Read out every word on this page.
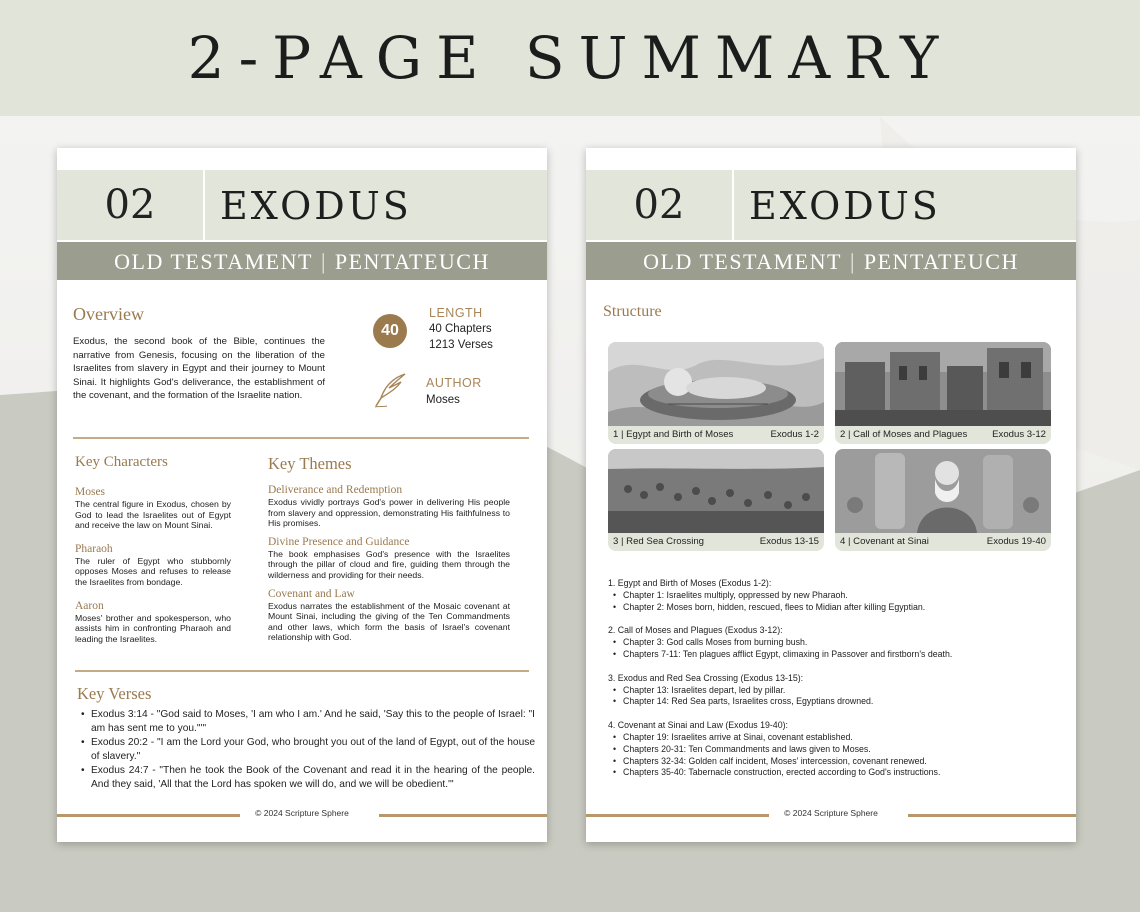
2-PAGE SUMMARY
02	EXODUS
OLD TESTAMENT | PENTATEUCH
Overview
Exodus, the second book of the Bible, continues the narrative from Genesis, focusing on the liberation of the Israelites from slavery in Egypt and their journey to Mount Sinai. It highlights God's deliverance, the establishment of the covenant, and the formation of the Israelite nation.
40
LENGTH
40 Chapters
1213 Verses
AUTHOR
Moses
Key Characters
Moses
The central figure in Exodus, chosen by God to lead the Israelites out of Egypt and receive the law on Mount Sinai.
Pharaoh
The ruler of Egypt who stubbornly opposes Moses and refuses to release the Israelites from bondage.
Aaron
Moses' brother and spokesperson, who assists him in confronting Pharaoh and leading the Israelites.
Key Themes
Deliverance and Redemption
Exodus vividly portrays God's power in delivering His people from slavery and oppression, demonstrating His faithfulness to His promises.
Divine Presence and Guidance
The book emphasises God's presence with the Israelites through the pillar of cloud and fire, guiding them through the wilderness and providing for their needs.
Covenant and Law
Exodus narrates the establishment of the Mosaic covenant at Mount Sinai, including the giving of the Ten Commandments and other laws, which form the basis of Israel's covenant relationship with God.
Key Verses
• Exodus 3:14 - "God said to Moses, 'I am who I am.' And he said, 'Say this to the people of Israel: "I am has sent me to you."'"
• Exodus 20:2 - "I am the Lord your God, who brought you out of the land of Egypt, out of the house of slavery."
• Exodus 24:7 - "Then he took the Book of the Covenant and read it in the hearing of the people. And they said, 'All that the Lord has spoken we will do, and we will be obedient.'"
© 2024 Scripture Sphere
02	EXODUS
OLD TESTAMENT | PENTATEUCH
Structure
1 | Egypt and Birth of Moses	Exodus 1-2 2 | Call of Moses and Plagues	Exodus 3-12
3 | Red Sea Crossing	Exodus 13-15 4 | Covenant at Sinai	Exodus 19-40
1. Egypt and Birth of Moses (Exodus 1-2):
• Chapter 1: Israelites multiply, oppressed by new Pharaoh.
• Chapter 2: Moses born, hidden, rescued, flees to Midian after killing Egyptian.
2. Call of Moses and Plagues (Exodus 3-12):
• Chapter 3: God calls Moses from burning bush.
• Chapters 7-11: Ten plagues afflict Egypt, climaxing in Passover and firstborn's death.
3. Exodus and Red Sea Crossing (Exodus 13-15):
• Chapter 13: Israelites depart, led by pillar.
• Chapter 14: Red Sea parts, Israelites cross, Egyptians drowned.
4. Covenant at Sinai and Law (Exodus 19-40):
• Chapter 19: Israelites arrive at Sinai, covenant established.
• Chapters 20-31: Ten Commandments and laws given to Moses.
• Chapters 32-34: Golden calf incident, Moses' intercession, covenant renewed.
• Chapters 35-40: Tabernacle construction, erected according to God's instructions.
© 2024 Scripture Sphere
